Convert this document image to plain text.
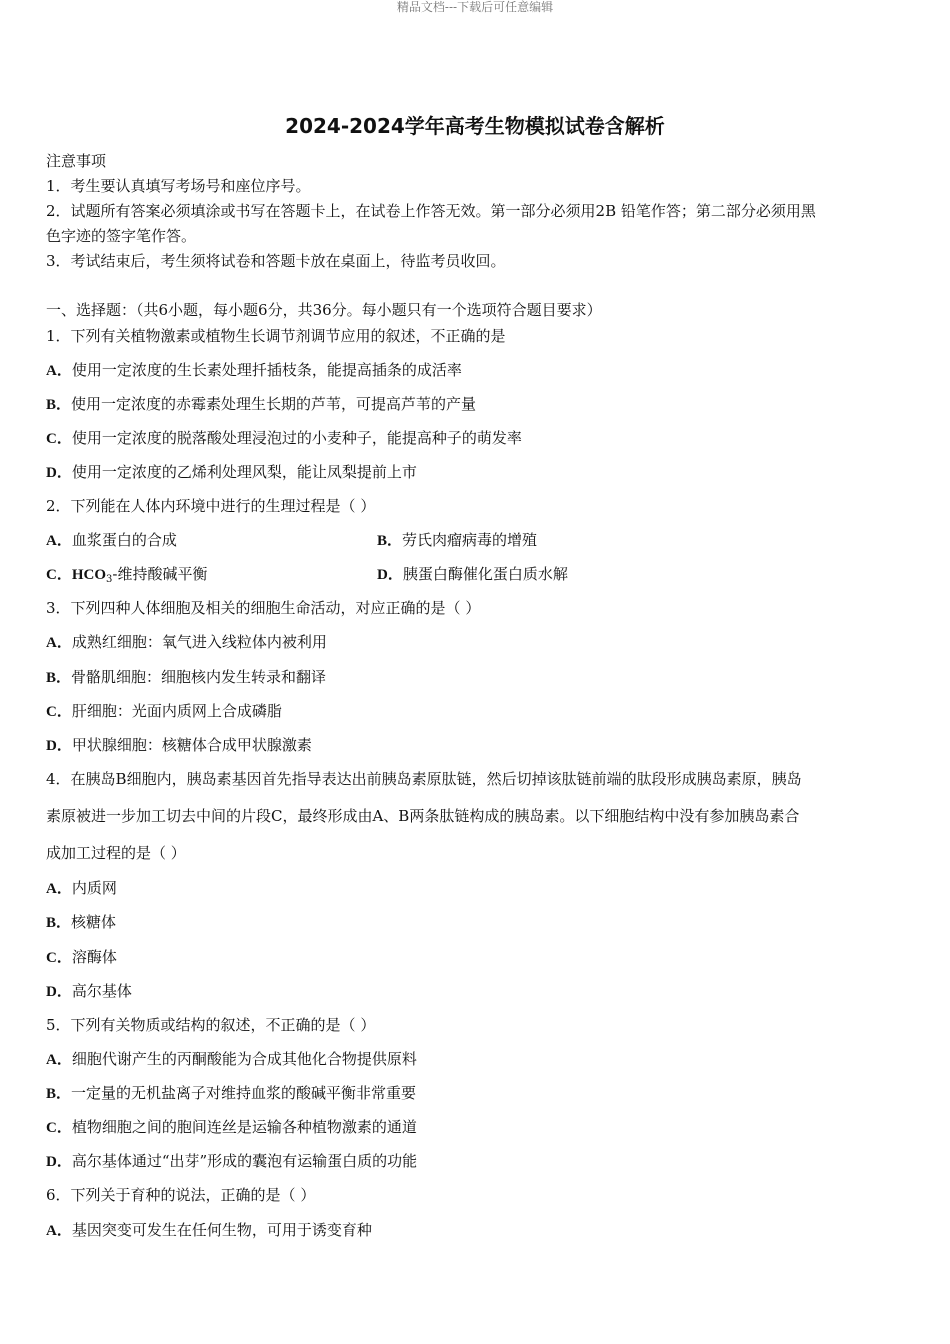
精品文档---下载后可任意编辑
2024-2024学年高考生物模拟试卷含解析
注意事项
1．考生要认真填写考场号和座位序号。
2．试题所有答案必须填涂或书写在答题卡上，在试卷上作答无效。第一部分必须用2B 铅笔作答；第二部分必须用黑
色字迹的签字笔作答。
3．考试结束后，考生须将试卷和答题卡放在桌面上，待监考员收回。
一、选择题：（共6小题，每小题6分，共36分。每小题只有一个选项符合题目要求）
1．下列有关植物激素或植物生长调节剂调节应用的叙述，不正确的是
A．使用一定浓度的生长素处理扦插枝条，能提高插条的成活率
B．使用一定浓度的赤霉素处理生长期的芦苇，可提高芦苇的产量
C．使用一定浓度的脱落酸处理浸泡过的小麦种子，能提高种子的萌发率
D．使用一定浓度的乙烯利处理风梨，能让凤梨提前上市
2．下列能在人体内环境中进行的生理过程是（ ）
A．血浆蛋白的合成	B．劳氏肉瘤病毒的增殖
C．$HCO_3-$维持酸碱平衡	D．胰蛋白酶催化蛋白质水解
3．下列四种人体细胞及相关的细胞生命活动，对应正确的是（ ）
A．成熟红细胞：氧气进入线粒体内被利用
B．骨骼肌细胞：细胞核内发生转录和翻译
C．肝细胞：光面内质网上合成磷脂
D．甲状腺细胞：核糖体合成甲状腺激素
4．在胰岛B细胞内，胰岛素基因首先指导表达出前胰岛素原肽链，然后切掉该肽链前端的肽段形成胰岛素原，胰岛
素原被进一步加工切去中间的片段C，最终形成由A、B两条肽链构成的胰岛素。以下细胞结构中没有参加胰岛素合
成加工过程的是（ ）
A．内质网
B．核糖体
C．溶酶体
D．高尔基体
5．下列有关物质或结构的叙述，不正确的是（ ）
A．细胞代谢产生的丙酮酸能为合成其他化合物提供原料
B．一定量的无机盐离子对维持血浆的酸碱平衡非常重要
C．植物细胞之间的胞间连丝是运输各种植物激素的通道
D．高尔基体通过“出芽”形成的囊泡有运输蛋白质的功能
6．下列关于育种的说法，正确的是（ ）
A．基因突变可发生在任何生物，可用于诱变育种
